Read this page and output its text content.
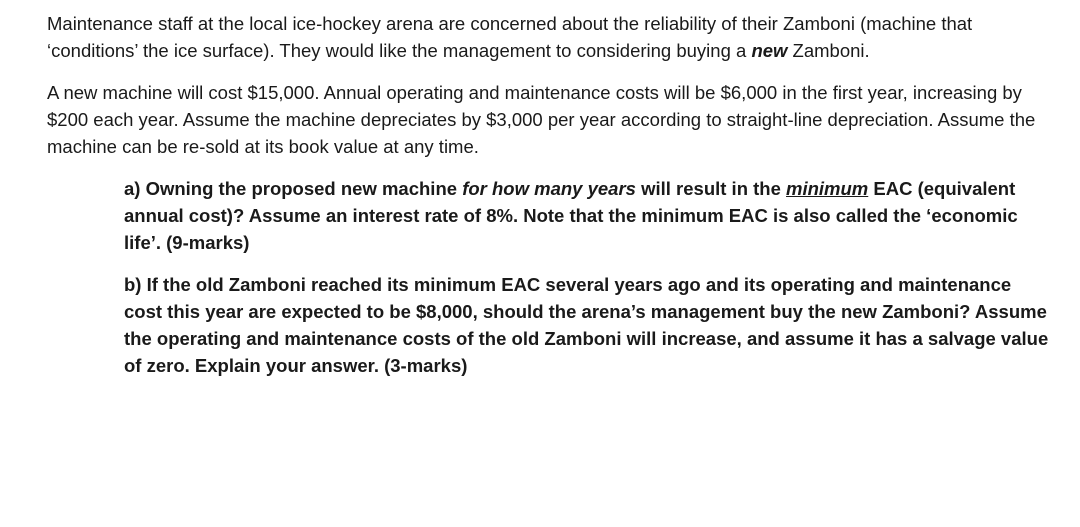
Maintenance staff at the local ice-hockey arena are concerned about the reliability of their Zamboni (machine that ‘conditions’ the ice surface). They would like the management to considering buying a new Zamboni.

A new machine will cost $15,000. Annual operating and maintenance costs will be $6,000 in the first year, increasing by $200 each year. Assume the machine depreciates by $3,000 per year according to straight-line depreciation. Assume the machine can be re-sold at its book value at any time.

a) Owning the proposed new machine for how many years will result in the minimum EAC (equivalent annual cost)? Assume an interest rate of 8%. Note that the minimum EAC is also called the ‘economic life’. (9-marks)

b) If the old Zamboni reached its minimum EAC several years ago and its operating and maintenance cost this year are expected to be $8,000, should the arena’s management buy the new Zamboni? Assume the operating and maintenance costs of the old Zamboni will increase, and assume it has a salvage value of zero. Explain your answer. (3-marks)
